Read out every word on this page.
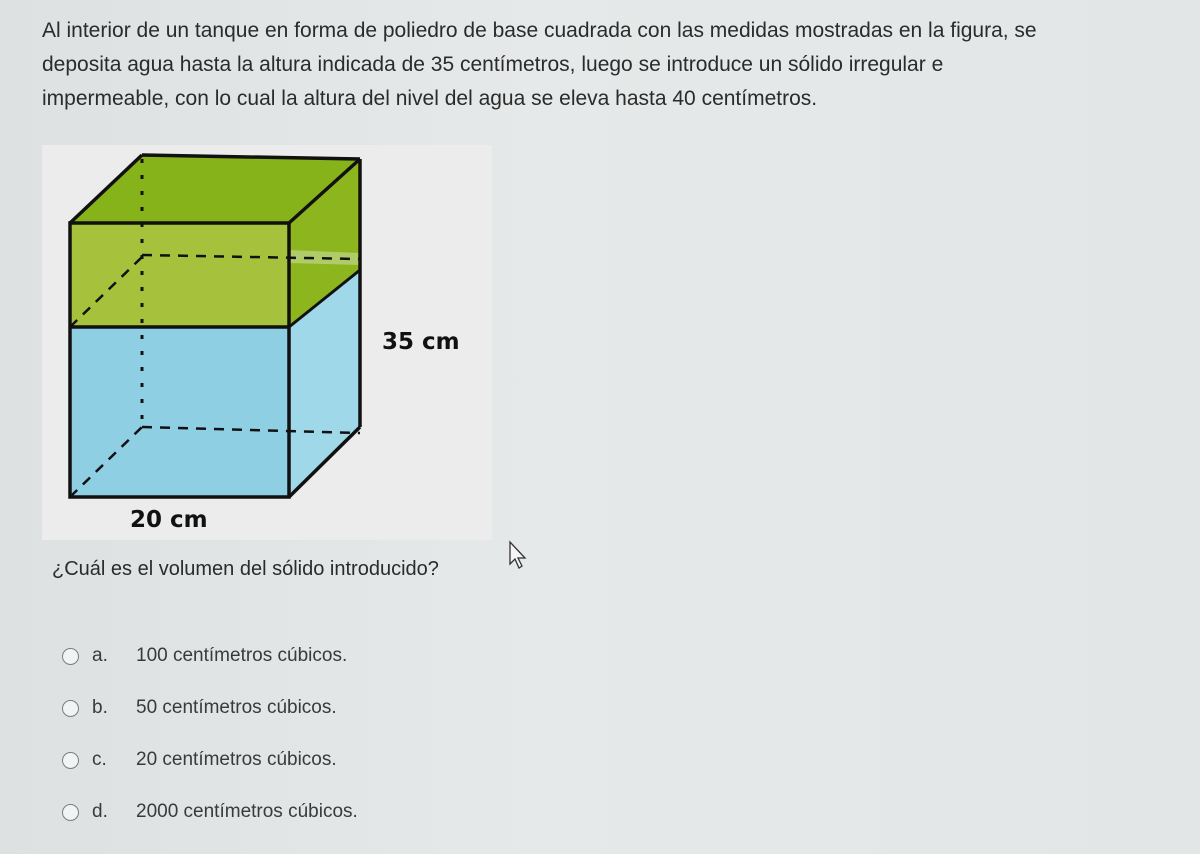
Al interior de un tanque en forma de poliedro de base cuadrada con las medidas mostradas en la figura, se

deposita agua hasta la altura indicada de 35 centímetros, luego se introduce un sólido irregular e

impermeable, con lo cual la altura del nivel del agua se eleva hasta 40 centímetros.

35 cm
20 cm
¿Cuál es el volumen del sólido introducido?
a.	100 centímetros cúbicos.
b.	50 centímetros cúbicos.
c.	20 centímetros cúbicos.
d.	2000 centímetros cúbicos.
